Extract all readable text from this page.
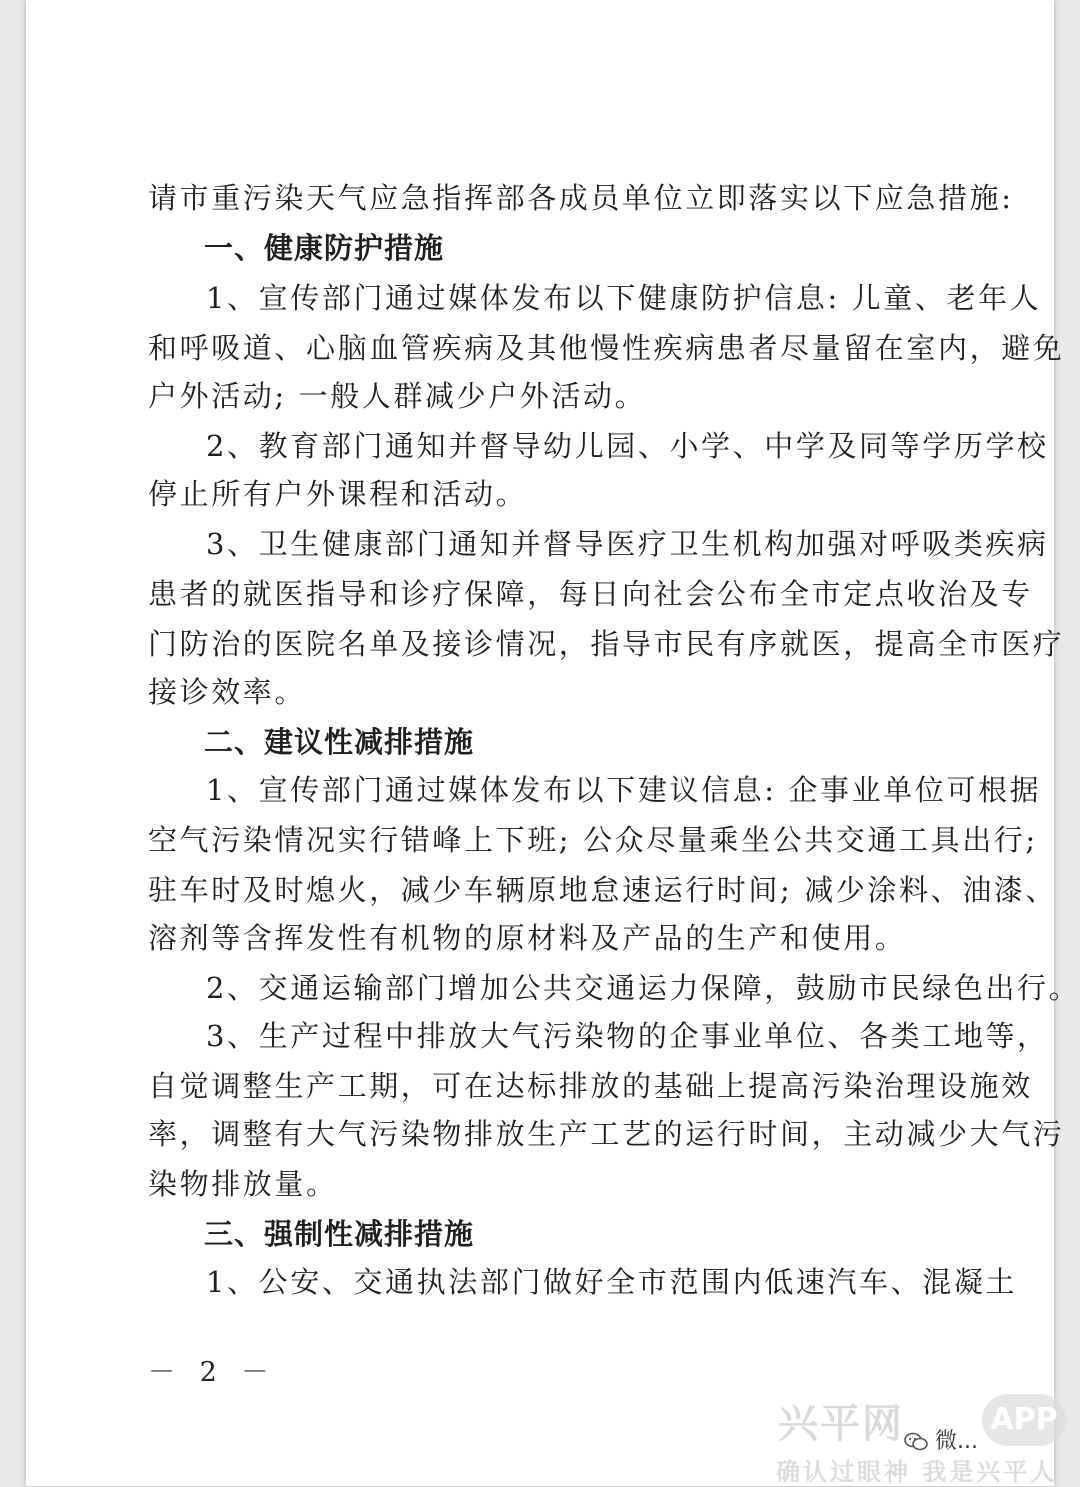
请市重污染天气应急指挥部各成员单位立即落实以下应急措施:
一、健康防护措施
1、宣传部门通过媒体发布以下健康防护信息: 儿童、老年人
和呼吸道、心脑血管疾病及其他慢性疾病患者尽量留在室内，避免
户外活动; 一般人群减少户外活动。
2、教育部门通知并督导幼儿园、小学、中学及同等学历学校
停止所有户外课程和活动。
3、卫生健康部门通知并督导医疗卫生机构加强对呼吸类疾病
患者的就医指导和诊疗保障，每日向社会公布全市定点收治及专
门防治的医院名单及接诊情况，指导市民有序就医，提高全市医疗
接诊效率。
二、建议性减排措施
1、宣传部门通过媒体发布以下建议信息: 企事业单位可根据
空气污染情况实行错峰上下班; 公众尽量乘坐公共交通工具出行;
驻车时及时熄火，减少车辆原地怠速运行时间; 减少涂料、油漆、
溶剂等含挥发性有机物的原材料及产品的生产和使用。
2、交通运输部门增加公共交通运力保障，鼓励市民绿色出行。
3、生产过程中排放大气污染物的企事业单位、各类工地等，
自觉调整生产工期，可在达标排放的基础上提高污染治理设施效
率，调整有大气污染物排放生产工艺的运行时间，主动减少大气污
染物排放量。
三、强制性减排措施
1、公安、交通执法部门做好全市范围内低速汽车、混凝土
－ 2 －
兴平网	APP
微...
确认过眼神 我是兴平人
